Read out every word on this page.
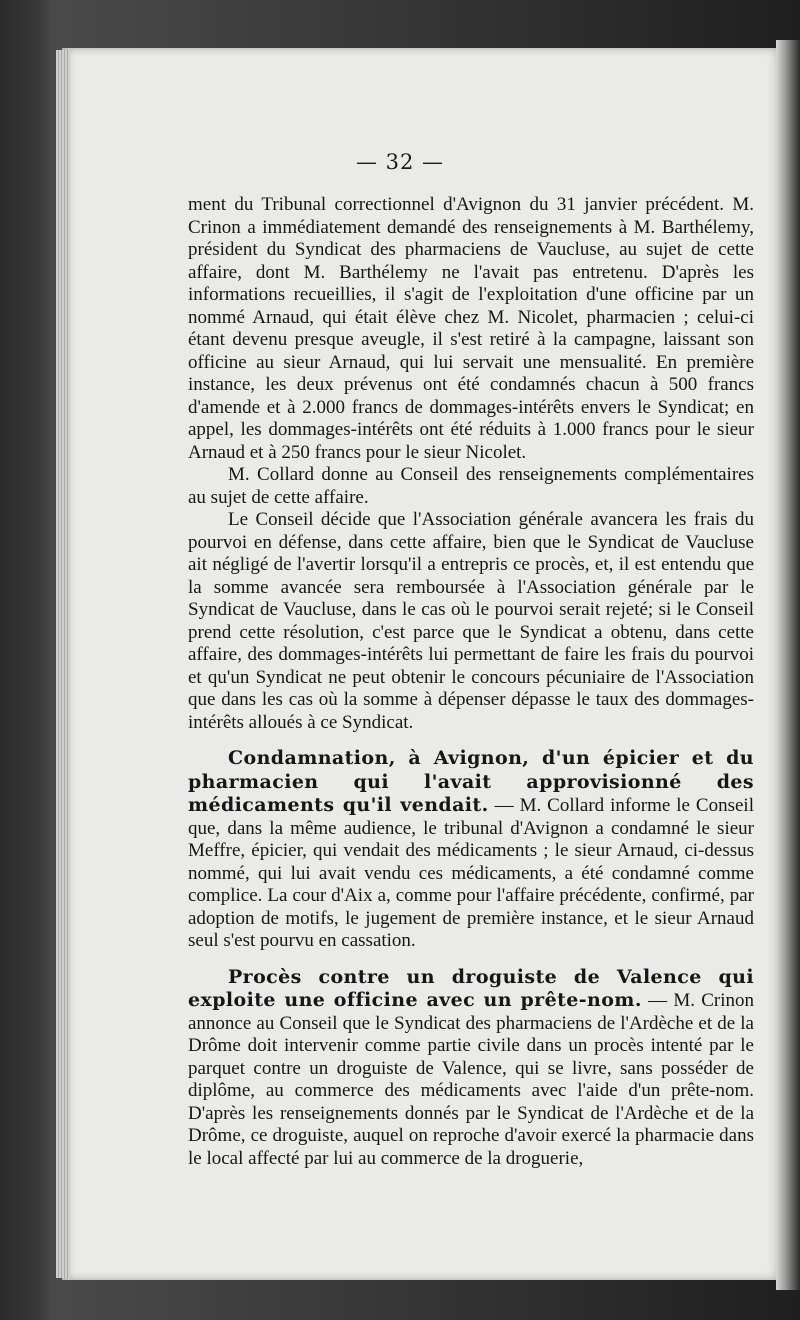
— 32 —

ment du Tribunal correctionnel d'Avignon du 31 janvier précédent. M. Crinon a immédiatement demandé des renseignements à M. Barthélemy, président du Syndicat des pharmaciens de Vaucluse, au sujet de cette affaire, dont M. Barthélemy ne l'avait pas entretenu. D'après les informations recueillies, il s'agit de l'exploitation d'une officine par un nommé Arnaud, qui était élève chez M. Nicolet, pharmacien ; celui-ci étant devenu presque aveugle, il s'est retiré à la campagne, laissant son officine au sieur Arnaud, qui lui servait une mensualité. En première instance, les deux prévenus ont été condamnés chacun à 500 francs d'amende et à 2.000 francs de dommages-intérêts envers le Syndicat; en appel, les dommages-intérêts ont été réduits à 1.000 francs pour le sieur Arnaud et à 250 francs pour le sieur Nicolet.

M. Collard donne au Conseil des renseignements complémentaires au sujet de cette affaire.

Le Conseil décide que l'Association générale avancera les frais du pourvoi en défense, dans cette affaire, bien que le Syndicat de Vaucluse ait négligé de l'avertir lorsqu'il a entrepris ce procès, et, il est entendu que la somme avancée sera remboursée à l'Association générale par le Syndicat de Vaucluse, dans le cas où le pourvoi serait rejeté; si le Conseil prend cette résolution, c'est parce que le Syndicat a obtenu, dans cette affaire, des dommages-intérêts lui permettant de faire les frais du pourvoi et qu'un Syndicat ne peut obtenir le concours pécuniaire de l'Association que dans les cas où la somme à dépenser dépasse le taux des dommages-intérêts alloués à ce Syndicat.

Condamnation, à Avignon, d'un épicier et du pharmacien qui l'avait approvisionné des médicaments qu'il vendait. — M. Collard informe le Conseil que, dans la même audience, le tribunal d'Avignon a condamné le sieur Meffre, épicier, qui vendait des médicaments ; le sieur Arnaud, ci-dessus nommé, qui lui avait vendu ces médicaments, a été condamné comme complice. La cour d'Aix a, comme pour l'affaire précédente, confirmé, par adoption de motifs, le jugement de première instance, et le sieur Arnaud seul s'est pourvu en cassation.

Procès contre un droguiste de Valence qui exploite une officine avec un prête-nom. — M. Crinon annonce au Conseil que le Syndicat des pharmaciens de l'Ardèche et de la Drôme doit intervenir comme partie civile dans un procès intenté par le parquet contre un droguiste de Valence, qui se livre, sans posséder de diplôme, au commerce des médicaments avec l'aide d'un prête-nom. D'après les renseignements donnés par le Syndicat de l'Ardèche et de la Drôme, ce droguiste, auquel on reproche d'avoir exercé la pharmacie dans le local affecté par lui au commerce de la droguerie,
